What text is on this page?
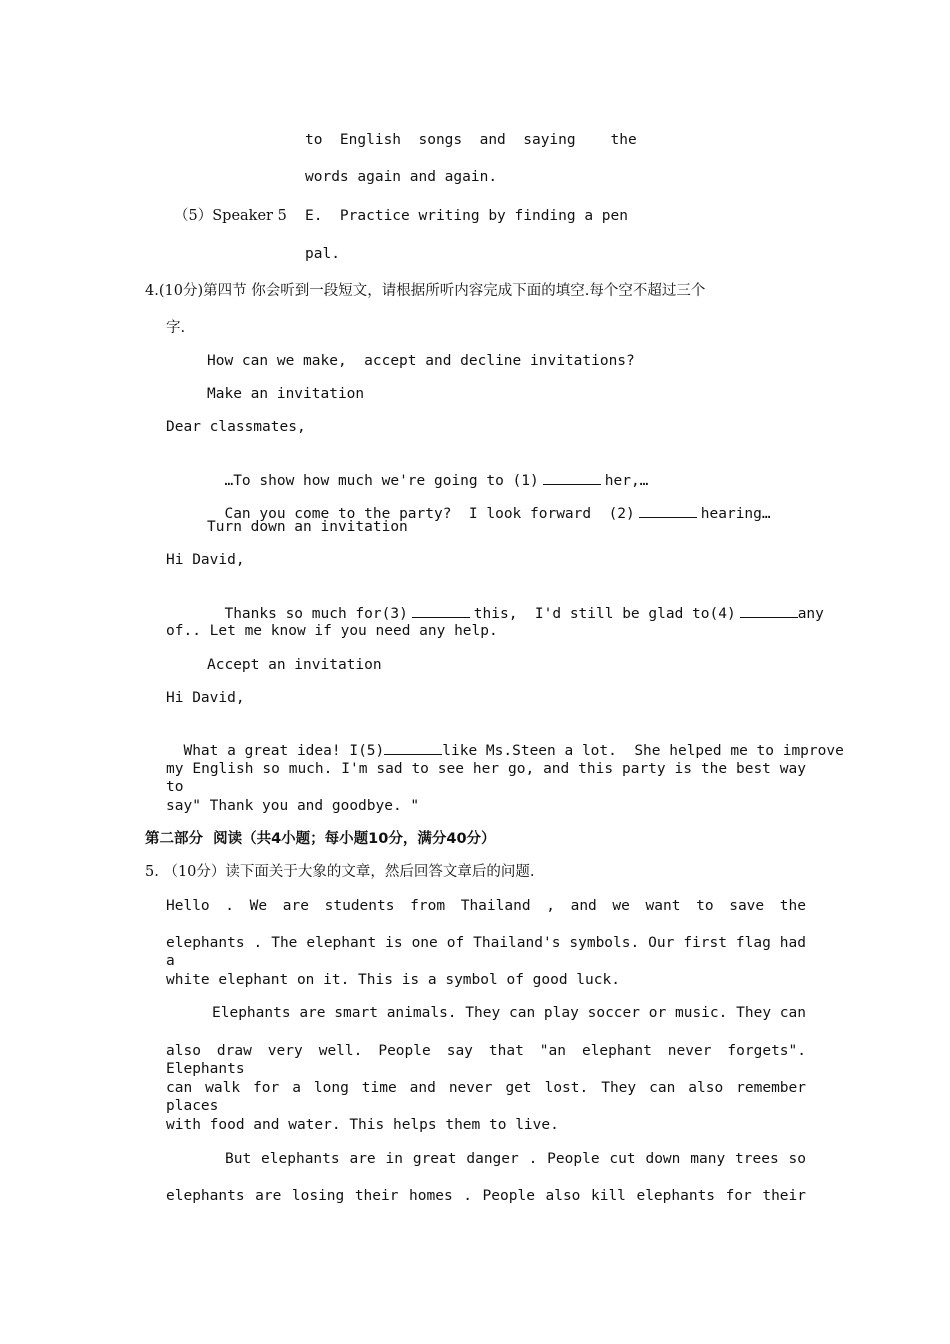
to  English  songs  and  saying    the
words again and again.
（5）Speaker 5 E.  Practice writing by finding a pen
pal.
4.(10分)第四节 你会听到一段短文，请根据所听内容完成下面的填空.每个空不超过三个
字.
How can we make,  accept and decline invitations?
Make an invitation
Dear classmates,

…To show how much we're going to (1)	her,…

Can you come to the party?  I look forward  (2)	hearing…

Turn down an invitation
Hi David,

Thanks so much for(3)	this,  I'd still be glad to(4)	any

of.. Let me know if you need any help.
Accept an invitation
Hi David,

What a great idea! I(5)	like Ms.Steen a lot.  She helped me to improve

my English so much. I'm sad to see her go, and this party is the best way to
say" Thank you and goodbye. "
第二部分  阅读（共4小题；每小题10分，满分40分）
5. （10分）读下面关于大象的文章，然后回答文章后的问题.
Hello . We are students from Thailand , and we want to save the
elephants . The elephant is one of Thailand's symbols. Our first flag had a
white elephant on it. This is a symbol of good luck.
Elephants are smart animals. They can play soccer or music. They can
also draw very well. People say that "an elephant never forgets". Elephants
can walk for a long time and never get lost. They can also remember places
with food and water. This helps them to live.
But elephants are in great danger . People cut down many trees so
elephants are losing their homes . People also kill elephants for their
